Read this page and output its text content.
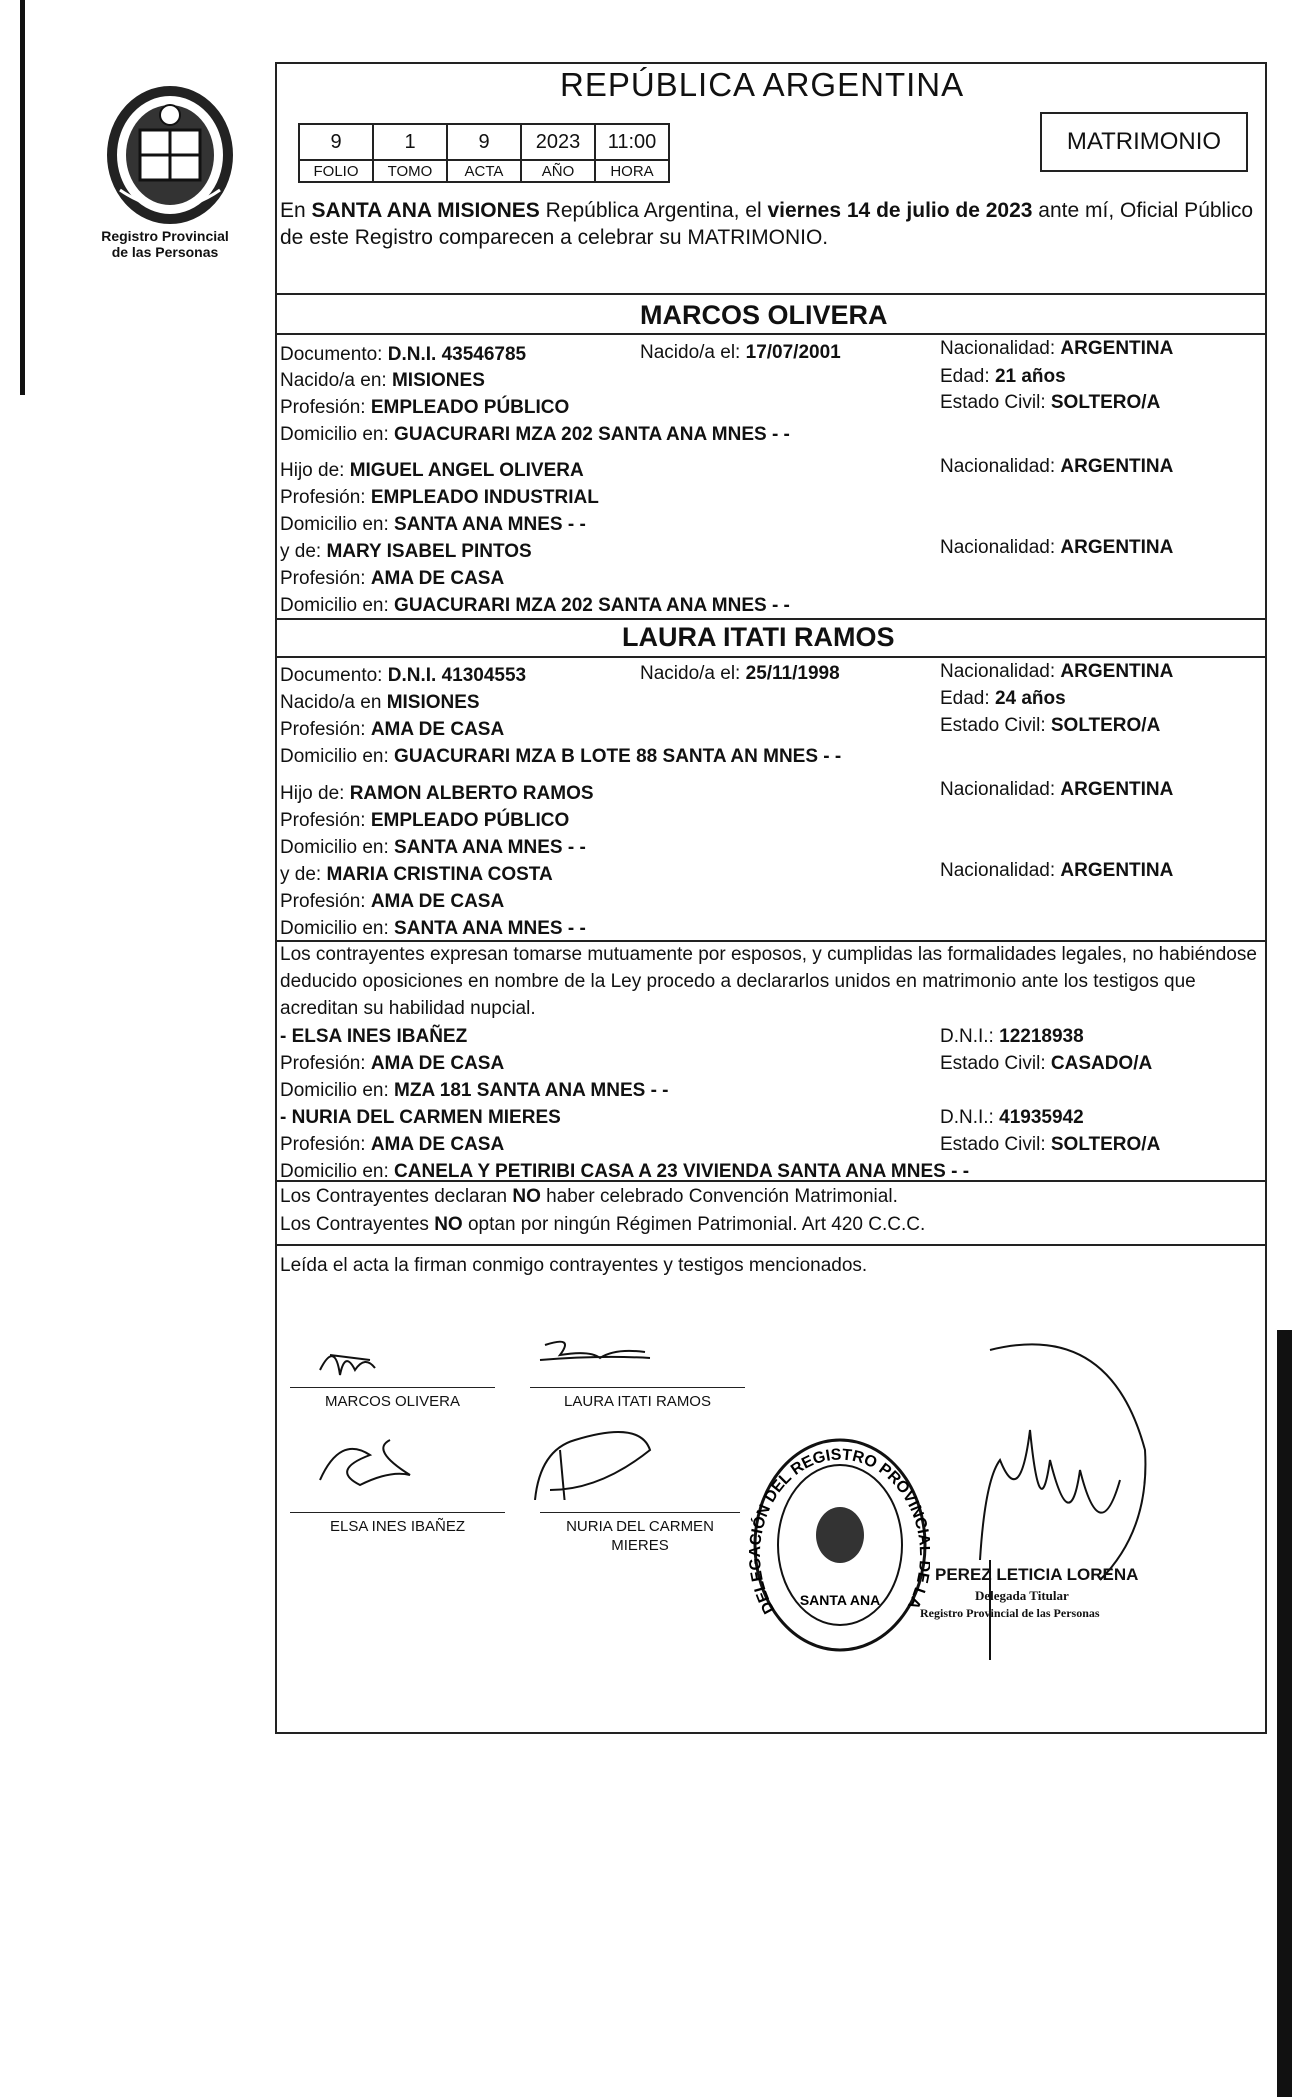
Registro Provincial
de las Personas
REPÚBLICA ARGENTINA
9	1	9	2023	11:00
FOLIO	TOMO	ACTA	AÑO	HORA
MATRIMONIO
En SANTA ANA MISIONES República Argentina, el viernes 14 de julio de 2023 ante mí, Oficial Público de este Registro comparecen a celebrar su MATRIMONIO.
MARCOS OLIVERA
Documento: D.N.I. 43546785	Nacido/a el: 17/07/2001	Nacionalidad: ARGENTINA
Nacido/a en: MISIONES	Edad: 21 años
Profesión: EMPLEADO PÚBLICO	Estado Civil: SOLTERO/A
Domicilio en: GUACURARI MZA 202 SANTA ANA MNES - -
Hijo de: MIGUEL ANGEL OLIVERA	Nacionalidad: ARGENTINA
Profesión: EMPLEADO INDUSTRIAL
Domicilio en: SANTA ANA MNES - -
y de: MARY ISABEL PINTOS	Nacionalidad: ARGENTINA
Profesión: AMA DE CASA
Domicilio en: GUACURARI MZA 202 SANTA ANA MNES - -
LAURA ITATI RAMOS
Documento: D.N.I. 41304553	Nacido/a el: 25/11/1998	Nacionalidad: ARGENTINA
Nacido/a en MISIONES	Edad: 24 años
Profesión: AMA DE CASA	Estado Civil: SOLTERO/A
Domicilio en: GUACURARI MZA B LOTE 88 SANTA AN MNES - -
Hijo de: RAMON ALBERTO RAMOS	Nacionalidad: ARGENTINA
Profesión: EMPLEADO PÚBLICO
Domicilio en: SANTA ANA MNES - -
y de: MARIA CRISTINA COSTA	Nacionalidad: ARGENTINA
Profesión: AMA DE CASA
Domicilio en: SANTA ANA MNES - -
Los contrayentes expresan tomarse mutuamente por esposos, y cumplidas las formalidades legales, no habiéndose deducido oposiciones en nombre de la Ley procedo a declararlos unidos en matrimonio ante los testigos que acreditan su habilidad nupcial.
- ELSA INES IBAÑEZ	D.N.I.: 12218938
Profesión: AMA DE CASA	Estado Civil: CASADO/A
Domicilio en: MZA 181 SANTA ANA MNES - -
- NURIA DEL CARMEN MIERES	D.N.I.: 41935942
Profesión: AMA DE CASA	Estado Civil: SOLTERO/A
Domicilio en: CANELA Y PETIRIBI CASA A 23 VIVIENDA SANTA ANA MNES - -
Los Contrayentes declaran NO haber celebrado Convención Matrimonial.
Los Contrayentes NO optan por ningún Régimen Patrimonial. Art 420 C.C.C.
Leída el acta la firman conmigo contrayentes y testigos mencionados.
MARCOS OLIVERA	LAURA ITATI RAMOS
ELSA INES IBAÑEZ	NURIA DEL CARMEN
MIERES
DELEGACIÓN DEL REGISTRO PROVINCI E LA
SANTA ANA
PEREZ LETICIA LORENA
Delegada Titular
Registro Provincial de las Personas
